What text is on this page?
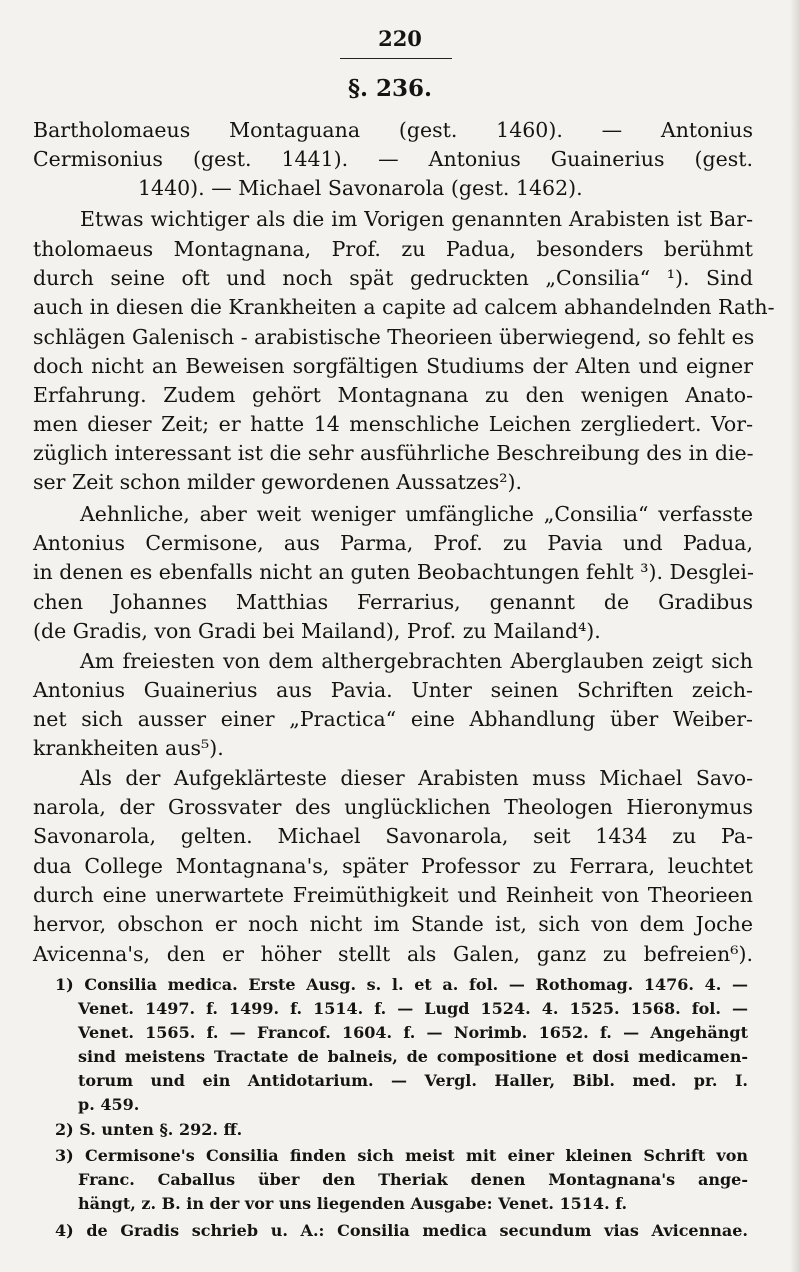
220
§. 236.
Bartholomaeus Montaguana (gest. 1460). — Antonius
Cermisonius (gest. 1441). — Antonius Guainerius (gest.
1440). — Michael Savonarola (gest. 1462).
Etwas wichtiger als die im Vorigen genannten Arabisten ist Bar-
tholomaeus Montagnana, Prof. zu Padua, besonders berühmt
durch seine oft und noch spät gedruckten „Consilia“ ¹). Sind
auch in diesen die Krankheiten a capite ad calcem abhandelnden Rath-
schlägen Galenisch - arabistische Theorieen überwiegend, so fehlt es
doch nicht an Beweisen sorgfältigen Studiums der Alten und eigner
Erfahrung. Zudem gehört Montagnana zu den wenigen Anato-
men dieser Zeit; er hatte 14 menschliche Leichen zergliedert. Vor-
züglich interessant ist die sehr ausführliche Beschreibung des in die-
ser Zeit schon milder gewordenen Aussatzes²).
Aehnliche, aber weit weniger umfängliche „Consilia“ verfasste
Antonius Cermisone, aus Parma, Prof. zu Pavia und Padua,
in denen es ebenfalls nicht an guten Beobachtungen fehlt ³). Desglei-
chen Johannes Matthias Ferrarius, genannt de Gradibus
(de Gradis, von Gradi bei Mailand), Prof. zu Mailand⁴).
Am freiesten von dem althergebrachten Aberglauben zeigt sich
Antonius Guainerius aus Pavia. Unter seinen Schriften zeich-
net sich ausser einer „Practica“ eine Abhandlung über Weiber-
krankheiten aus⁵).
Als der Aufgeklärteste dieser Arabisten muss Michael Savo-
narola, der Grossvater des unglücklichen Theologen Hieronymus
Savonarola, gelten. Michael Savonarola, seit 1434 zu Pa-
dua College Montagnana's, später Professor zu Ferrara, leuchtet
durch eine unerwartete Freimüthigkeit und Reinheit von Theorieen
hervor, obschon er noch nicht im Stande ist, sich von dem Joche
Avicenna's, den er höher stellt als Galen, ganz zu befreien⁶).
1) Consilia medica. Erste Ausg. s. l. et a. fol. — Rothomag. 1476. 4. —
Venet. 1497. f. 1499. f. 1514. f. — Lugd 1524. 4. 1525. 1568. fol. —
Venet. 1565. f. — Francof. 1604. f. — Norimb. 1652. f. — Angehängt
sind meistens Tractate de balneis, de compositione et dosi medicamen-
torum und ein Antidotarium. — Vergl. Haller, Bibl. med. pr. I.
p. 459.
2) S. unten §. 292. ff.
3) Cermisone's Consilia finden sich meist mit einer kleinen Schrift von
Franc. Caballus über den Theriak denen Montagnana's ange-
hängt, z. B. in der vor uns liegenden Ausgabe: Venet. 1514. f.
4) de Gradis schrieb u. A.: Consilia medica secundum vias Avicennae.
